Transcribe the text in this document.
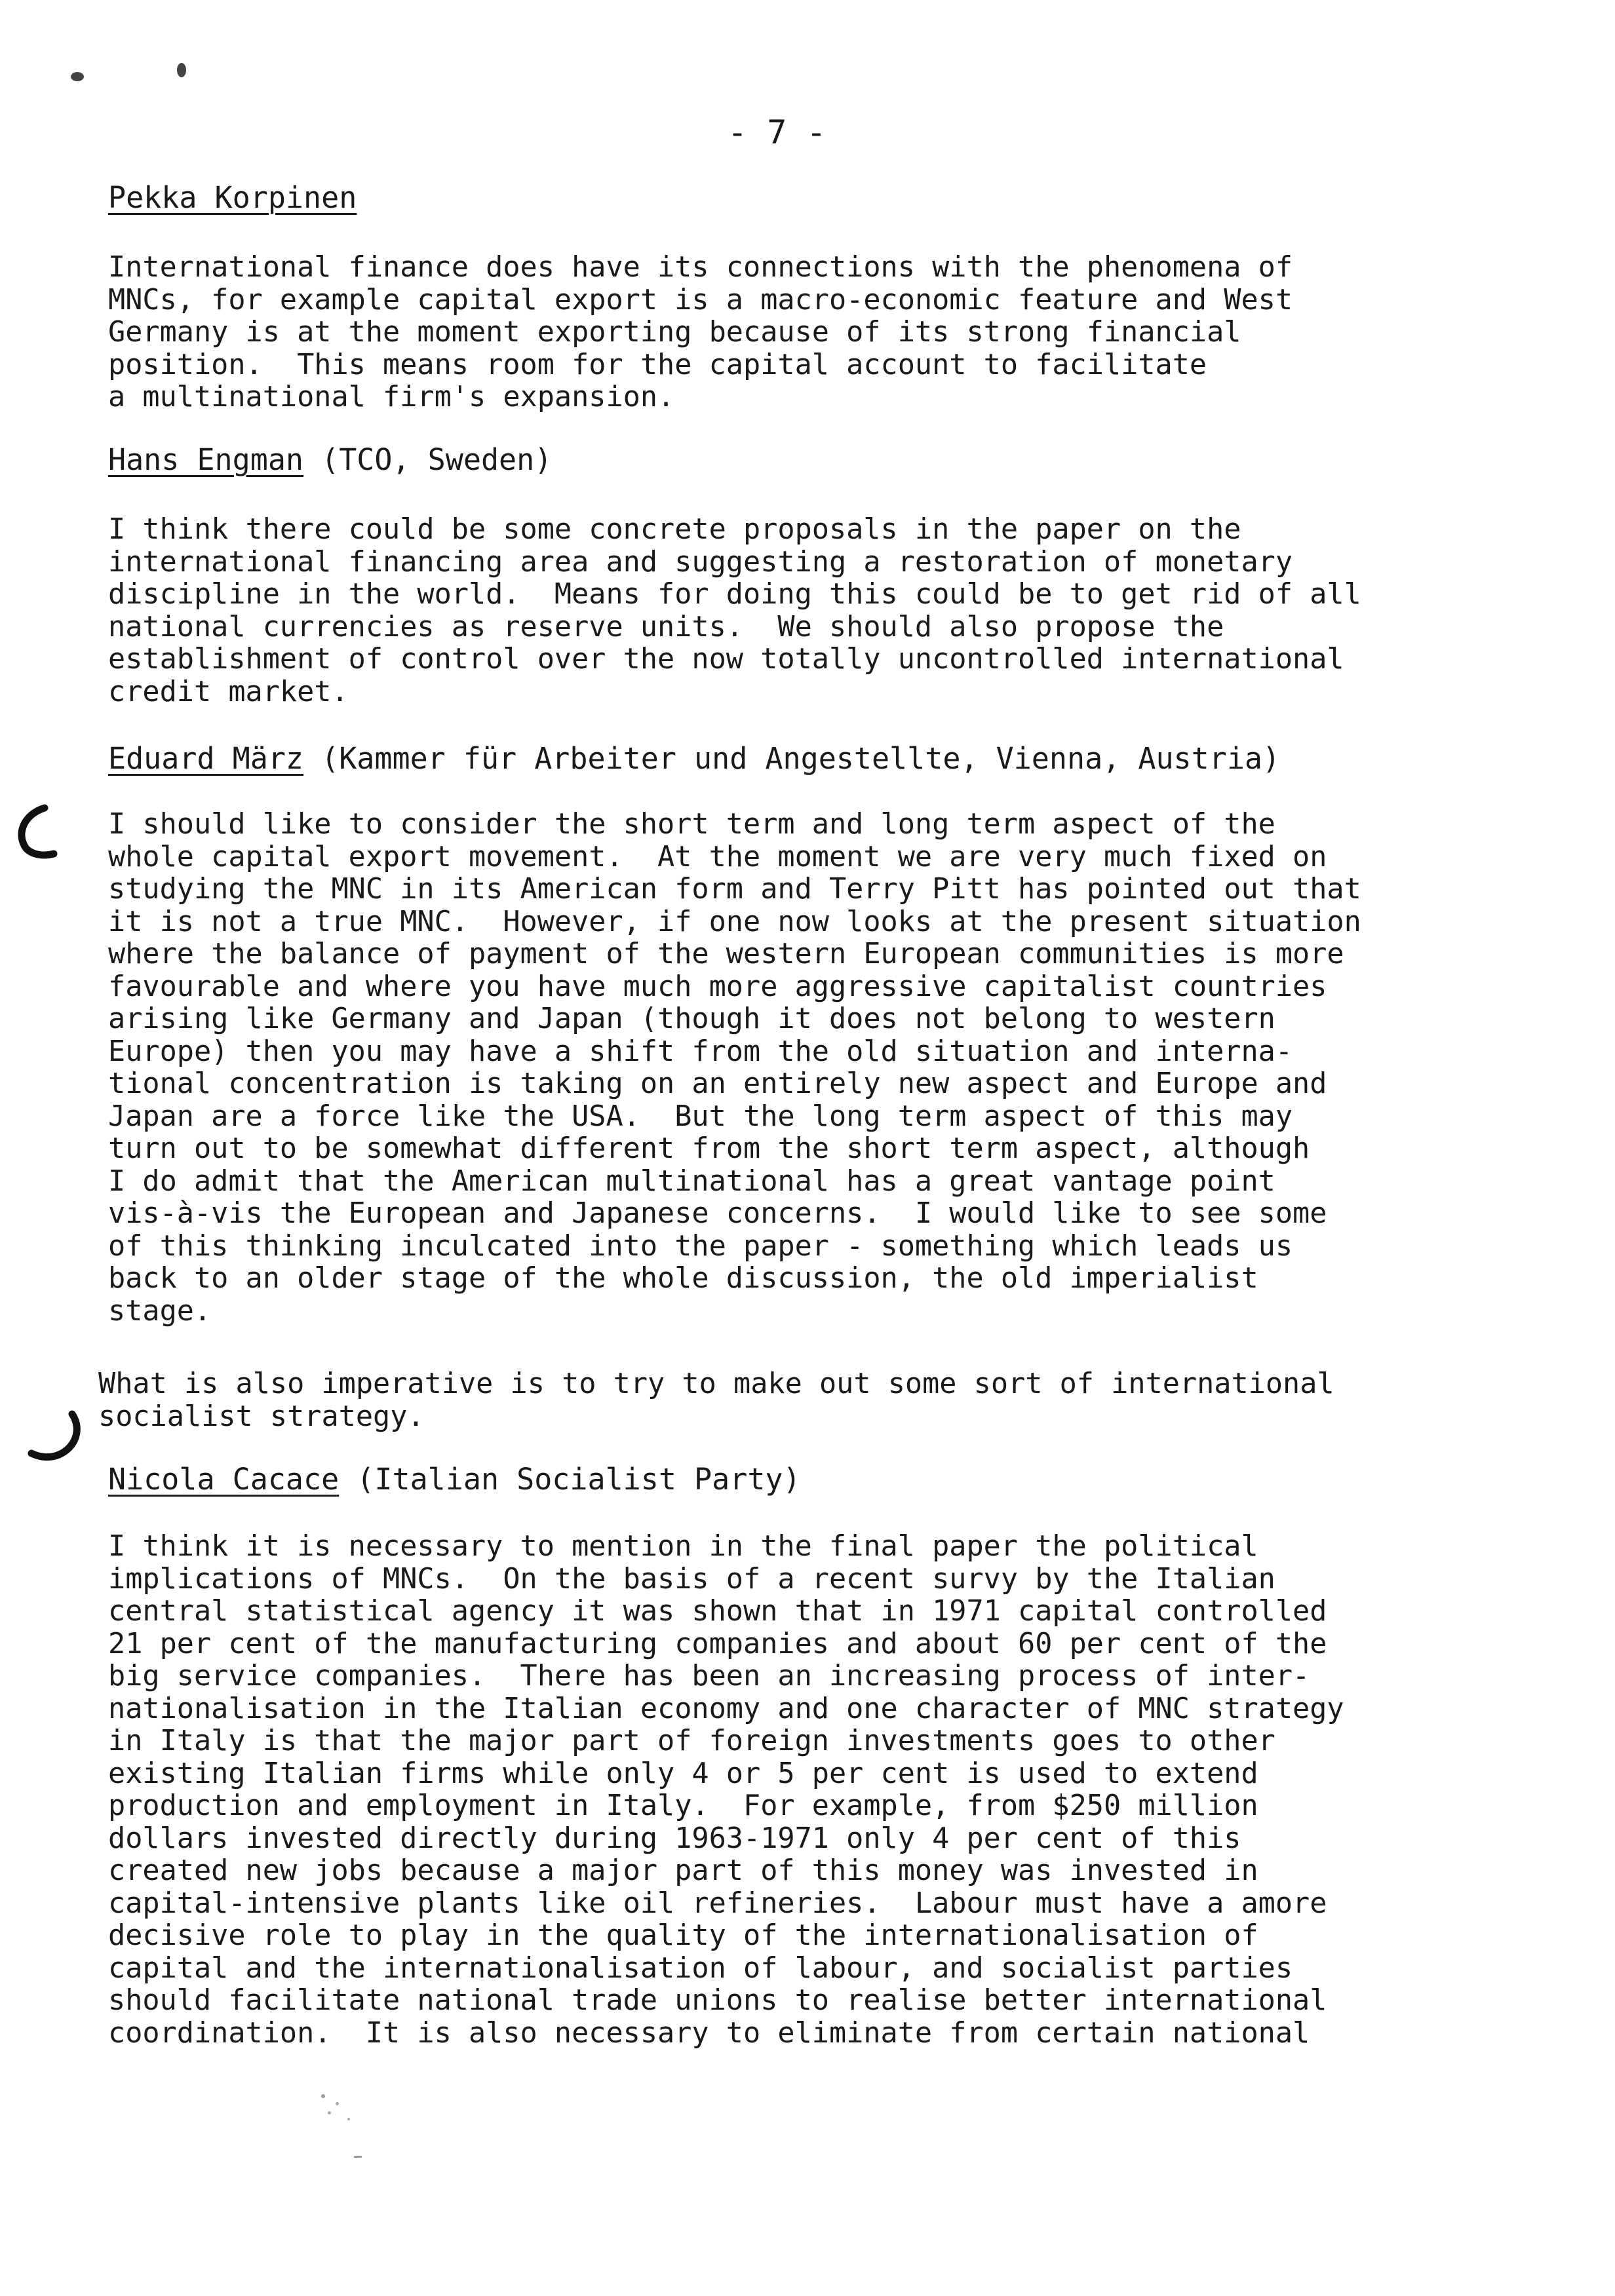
- 7 -
Pekka Korpinen
International finance does have its connections with the phenomena of
MNCs, for example capital export is a macro-economic feature and West
Germany is at the moment exporting because of its strong financial
position.  This means room for the capital account to facilitate
a multinational firm's expansion.
Hans Engman (TCO, Sweden)
I think there could be some concrete proposals in the paper on the
international financing area and suggesting a restoration of monetary
discipline in the world.  Means for doing this could be to get rid of all
national currencies as reserve units.  We should also propose the
establishment of control over the now totally uncontrolled international
credit market.
Eduard März (Kammer für Arbeiter und Angestellte, Vienna, Austria)
I should like to consider the short term and long term aspect of the
whole capital export movement.  At the moment we are very much fixed on
studying the MNC in its American form and Terry Pitt has pointed out that
it is not a true MNC.  However, if one now looks at the present situation
where the balance of payment of the western European communities is more
favourable and where you have much more aggressive capitalist countries
arising like Germany and Japan (though it does not belong to western
Europe) then you may have a shift from the old situation and interna-
tional concentration is taking on an entirely new aspect and Europe and
Japan are a force like the USA.  But the long term aspect of this may
turn out to be somewhat different from the short term aspect, although
I do admit that the American multinational has a great vantage point
vis-à-vis the European and Japanese concerns.  I would like to see some
of this thinking inculcated into the paper - something which leads us
back to an older stage of the whole discussion, the old imperialist
stage.
What is also imperative is to try to make out some sort of international
socialist strategy.
Nicola Cacace (Italian Socialist Party)
I think it is necessary to mention in the final paper the political
implications of MNCs.  On the basis of a recent survy by the Italian
central statistical agency it was shown that in 1971 capital controlled
21 per cent of the manufacturing companies and about 60 per cent of the
big service companies.  There has been an increasing process of inter-
nationalisation in the Italian economy and one character of MNC strategy
in Italy is that the major part of foreign investments goes to other
existing Italian firms while only 4 or 5 per cent is used to extend
production and employment in Italy.  For example, from $250 million
dollars invested directly during 1963-1971 only 4 per cent of this
created new jobs because a major part of this money was invested in
capital-intensive plants like oil refineries.  Labour must have a amore
decisive role to play in the quality of the internationalisation of
capital and the internationalisation of labour, and socialist parties
should facilitate national trade unions to realise better international
coordination.  It is also necessary to eliminate from certain national
